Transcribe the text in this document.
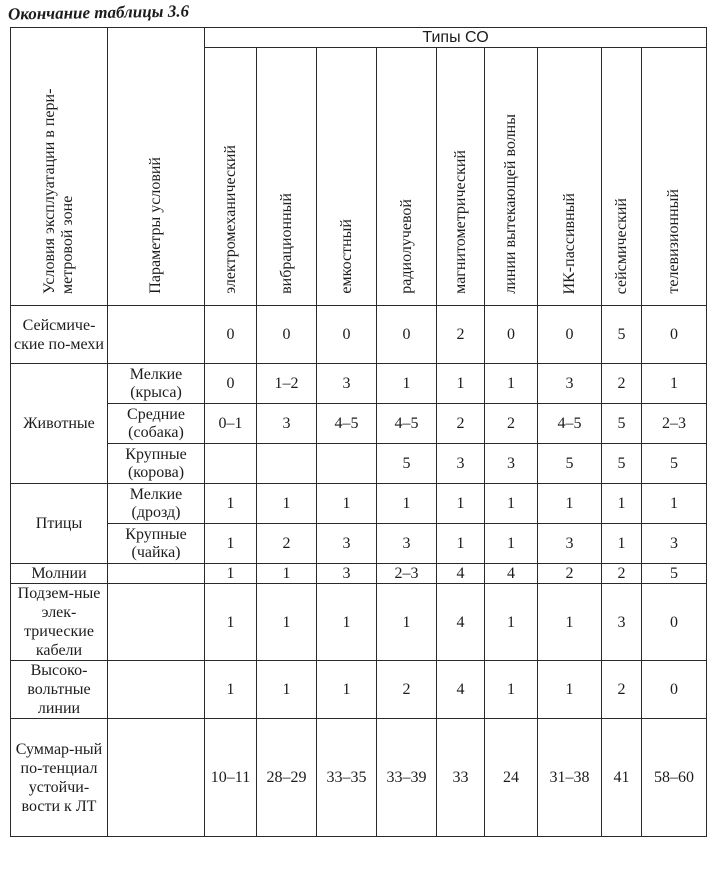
Окончание таблицы 3.6
Условия эксплуатации в пери-метровой зоне	Параметры условий	Типы СО								
		электромеханический	вибрационный	емкостный	радиолучевой	магнитометрический	линии вытекающей волны	ИК-пассивный	сейсмический	телевизионный
Сейсмиче-ские по-мехи		0	0	0	0	2	0	0	5	0
Животные	Мелкие (крыса)	0	1–2	3	1	1	1	3	2	1
	Средние (собака)	0–1	3	4–5	4–5	2	2	4–5	5	2–3
	Крупные (корова)				5	3	3	5	5	5
Птицы	Мелкие (дрозд)	1	1	1	1	1	1	1	1	1
	Крупные (чайка)	1	2	3	3	1	1	3	1	3
Молнии		1	1	3	2–3	4	4	2	2	5
Подзем-ные элек-трические кабели		1	1	1	1	4	1	1	3	0
Высоко-вольтные линии		1	1	1	2	4	1	1	2	0
Суммар-ный по-тенциал устойчи-вости к ЛТ		10–11	28–29	33–35	33–39	33	24	31–38	41	58–60
